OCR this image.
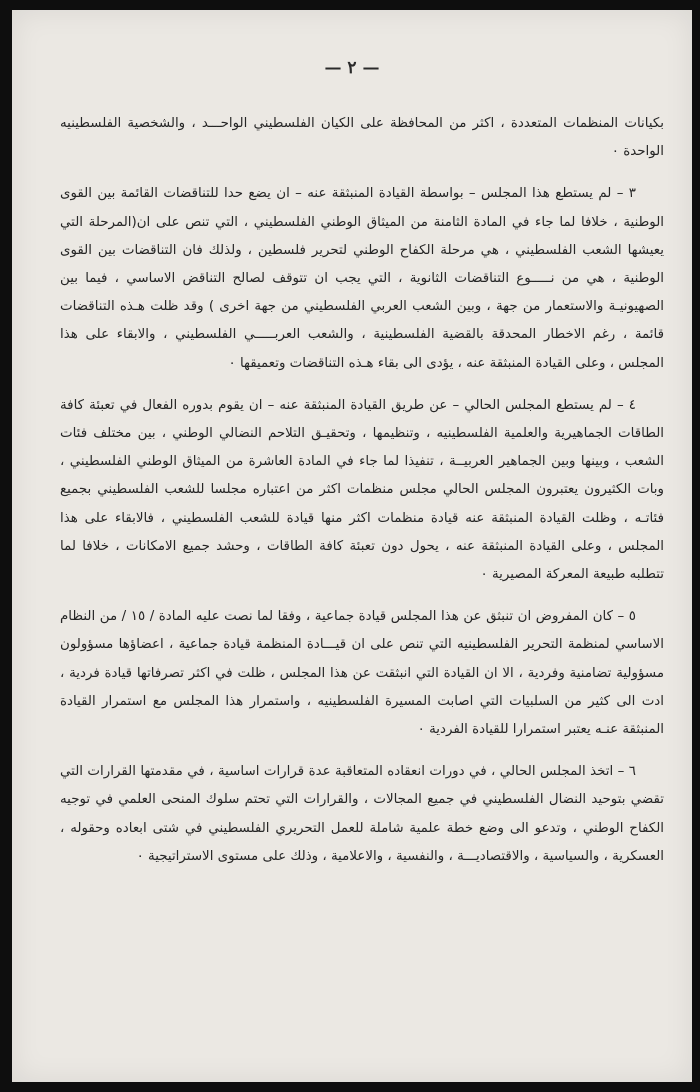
— ٢ —

بكيانات المنظمات المتعددة ، اكثر من المحافظة على الكيان الفلسطيني الواحـــد ، والشخصية الفلسطينيه الواحدة ٠

٣ – لم يستطع هذا المجلس – بواسطة القيادة المنبثقة عنه – ان يضع حدا للتناقضات القائمة بين القوى الوطنية ، خلافا لما جاء في المادة الثامنة من الميثاق الوطني الفلسطيني ، التي تنص على ان(المرحلة التي يعيشها الشعب الفلسطيني ، هي مرحلة الكفاح الوطني لتحرير فلسطين ، ولذلك فان التناقضات بين القوى الوطنية ، هي من نـــــوع التناقضات الثانوية ، التي يجب ان تتوقف لصالح التناقض الاساسي ، فيما بين الصهيونيـة والاستعمار من جهة ، وبين الشعب العربي الفلسطيني من جهة اخرى ) وقد ظلت هـذه التناقضات قائمة ، رغم الاخطار المحدقة بالقضية الفلسطينية ، والشعب العربـــــي الفلسطيني ، والابقاء على هذا المجلس ، وعلى القيادة المنبثقة عنه ، يؤدى الى بقاء هـذه التناقضات وتعميقها ٠

٤ – لم يستطع المجلس الحالي – عن طريق القيادة المنبثقة عنه – ان يقوم بدوره الفعال في تعبئة كافة الطاقات الجماهيرية والعلمية الفلسطينيه ، وتنظيمها ، وتحقيـق التلاحم النضالي الوطني ، بين مختلف فئات الشعب ، وبينها وبين الجماهير العربيــة ، تنفيذا لما جاء في المادة العاشرة من الميثاق الوطني الفلسطيني ، وبات الكثيرون يعتبرون المجلس الحالي مجلس منظمات اكثر من اعتباره مجلسا للشعب الفلسطيني بجميع فئاتـه ، وظلت القيادة المنبثقة عنه قيادة منظمات اكثر منها قيادة للشعب الفلسطيني ، فالابقاء على هذا المجلس ، وعلى القيادة المنبثقة عنه ، يحول دون تعبئة كافة الطاقات ، وحشد جميع الامكانات ، خلافا لما تتطلبه طبيعة المعركة المصيرية ٠

٥ – كان المفروض ان تنبثق عن هذا المجلس قيادة جماعية ، وفقا لما نصت عليه المادة / ١٥ / من النظام الاساسي لمنظمة التحرير الفلسطينيه التي تنص على ان قيـــادة المنظمة قيادة جماعية ، اعضاؤها مسؤولون مسؤولية تضامنية وفردية ، الا ان القيادة التي انبثقت عن هذا المجلس ، ظلت في اكثر تصرفاتها قيادة فردية ، ادت الى كثير من السلبيات التي اصابت المسيرة الفلسطينيه ، واستمرار هذا المجلس مع استمرار القيادة المنبثقة عنـه يعتبر استمرارا للقيادة الفردية ٠

٦ – اتخذ المجلس الحالي ، في دورات انعقاده المتعاقبة عدة قرارات اساسية ، في مقدمتها القرارات التي تقضي بتوحيد النضال الفلسطيني في جميع المجالات ، والقرارات التي تحتم سلوك المنحى العلمي في توجيه الكفاح الوطني ، وتدعو الى وضع خطة علمية شاملة للعمل التحريري الفلسطيني في شتى ابعاده وحقوله ، العسكرية ، والسياسية ، والاقتصاديـــة ، والنفسية ، والاعلامية ، وذلك على مستوى الاستراتيجية ٠
